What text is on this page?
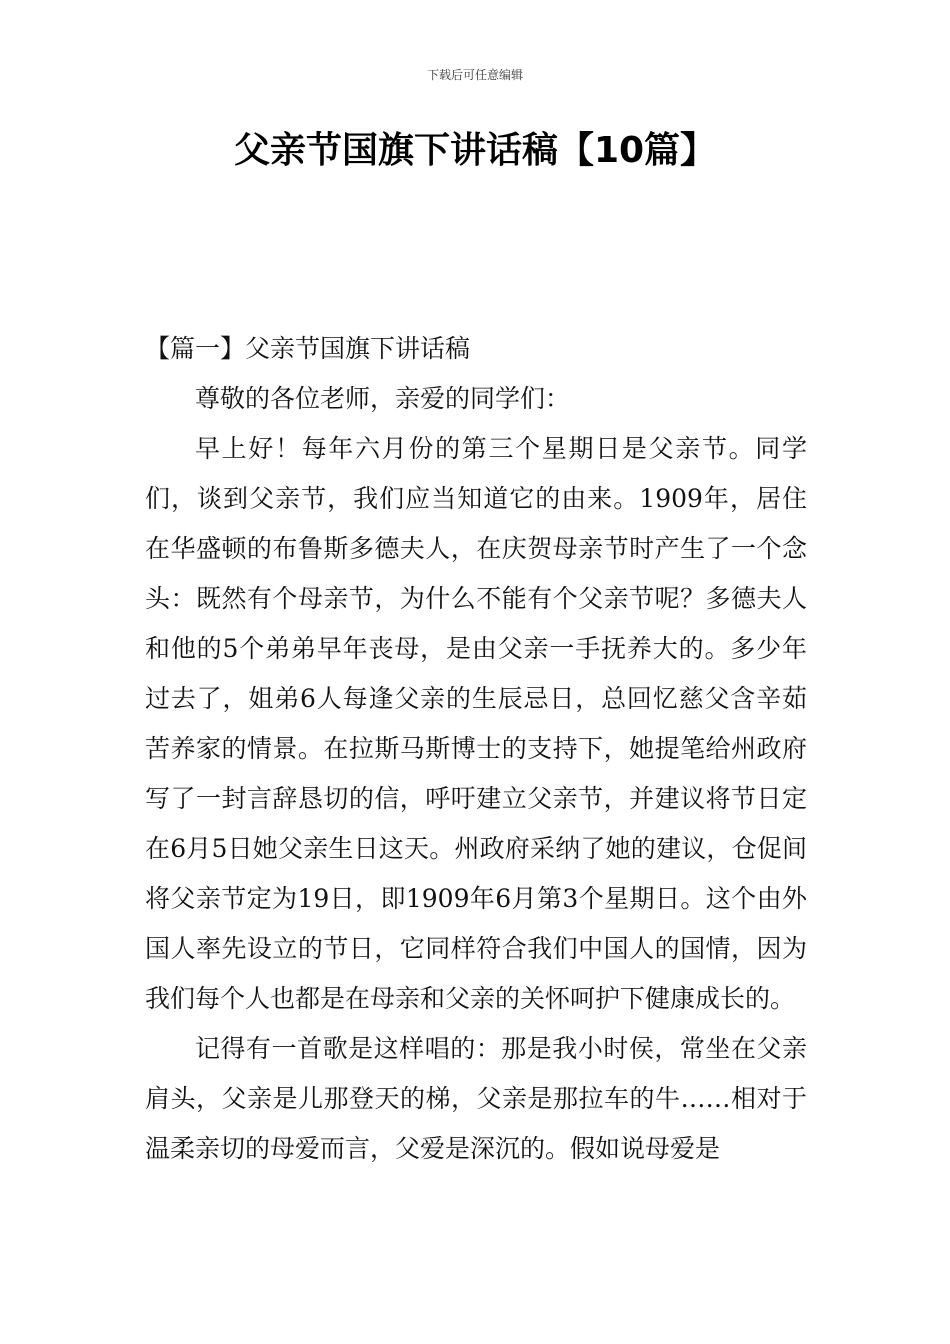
下载后可任意编辑
父亲节国旗下讲话稿【10篇】

【篇一】父亲节国旗下讲话稿

尊敬的各位老师，亲爱的同学们：

早上好！每年六月份的第三个星期日是父亲节。同学们，谈到父亲节，我们应当知道它的由来。1909年，居住在华盛顿的布鲁斯多德夫人，在庆贺母亲节时产生了一个念头：既然有个母亲节，为什么不能有个父亲节呢？多德夫人和他的5个弟弟早年丧母，是由父亲一手抚养大的。多少年过去了，姐弟6人每逢父亲的生辰忌日，总回忆慈父含辛茹苦养家的情景。在拉斯马斯博士的支持下，她提笔给州政府写了一封言辞恳切的信，呼吁建立父亲节，并建议将节日定在6月5日她父亲生日这天。州政府采纳了她的建议，仓促间将父亲节定为19日，即1909年6月第3个星期日。这个由外国人率先设立的节日，它同样符合我们中国人的国情，因为我们每个人也都是在母亲和父亲的关怀呵护下健康成长的。

记得有一首歌是这样唱的：那是我小时侯，常坐在父亲肩头，父亲是儿那登天的梯，父亲是那拉车的牛……相对于温柔亲切的母爱而言，父爱是深沉的。假如说母爱是
